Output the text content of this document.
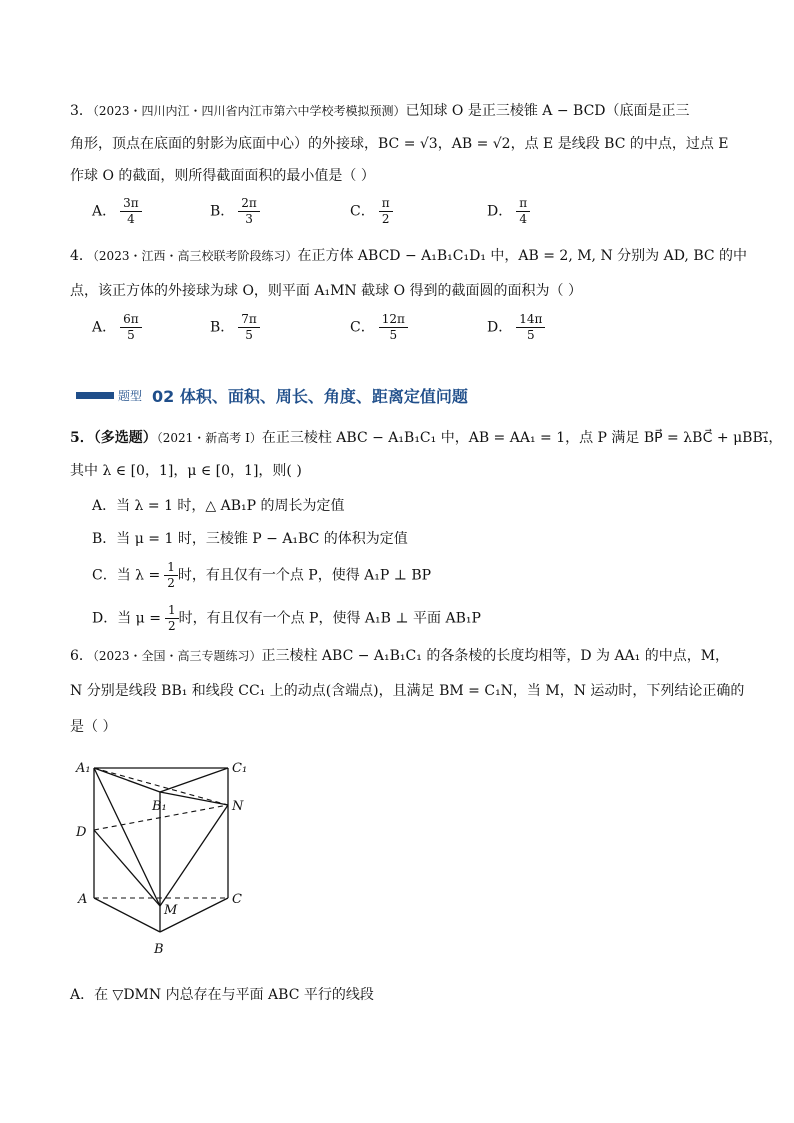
3．（2023・四川内江・四川省内江市第六中学校考模拟预测）已知球 O 是正三棱锥 A − BCD（底面是正三
角形，顶点在底面的射影为底面中心）的外接球，BC = √3，AB = √2，点 E 是线段 BC 的中点，过点 E
作球 O 的截面，则所得截面面积的最小值是（ ）
A． $\frac{3\pi}{4}$	B． $\frac{2\pi}{3}$	C． $\frac{\pi}{2}$	D． $\frac{\pi}{4}$
4．（2023・江西・高三校联考阶段练习）在正方体 ABCD − A₁B₁C₁D₁ 中，AB = 2, M, N 分别为 AD, BC 的中
点，该正方体的外接球为球 O，则平面 A₁MN 截球 O 得到的截面圆的面积为（ ）
A． $\frac{6\pi}{5}$	B． $\frac{7\pi}{5}$	C． $\frac{12\pi}{5}$	D． $\frac{14\pi}{5}$
题型 02 体积、面积、周长、角度、距离定值问题
5．（多选题）（2021・新高考 Ⅰ）在正三棱柱 ABC − A₁B₁C₁ 中，AB = AA₁ = 1，点 P 满足 BP⃗ = λBC⃗ + μBB₁⃗，
其中 λ ∈ [0，1]，μ ∈ [0，1]，则( )
A．当 λ = 1 时，△ AB₁P 的周长为定值
B．当 μ = 1 时，三棱锥 P − A₁BC 的体积为定值
C．当 $\lambda = \frac{1}{2}$ 时，有且仅有一个点 P，使得 A₁P ⊥ BP
D．当 $\mu = \frac{1}{2}$ 时，有且仅有一个点 P，使得 A₁B ⊥ 平面 AB₁P
6．（2023・全国・高三专题练习）正三棱柱 ABC − A₁B₁C₁ 的各条棱的长度均相等，D 为 AA₁ 的中点，M，
N 分别是线段 BB₁ 和线段 CC₁ 上的动点(含端点)，且满足 BM = C₁N，当 M，N 运动时，下列结论正确的
是（ ）
A₁	C₁
B₁	N
D
A
M
C
B
A．在 ▽DMN 内总存在与平面 ABC 平行的线段
